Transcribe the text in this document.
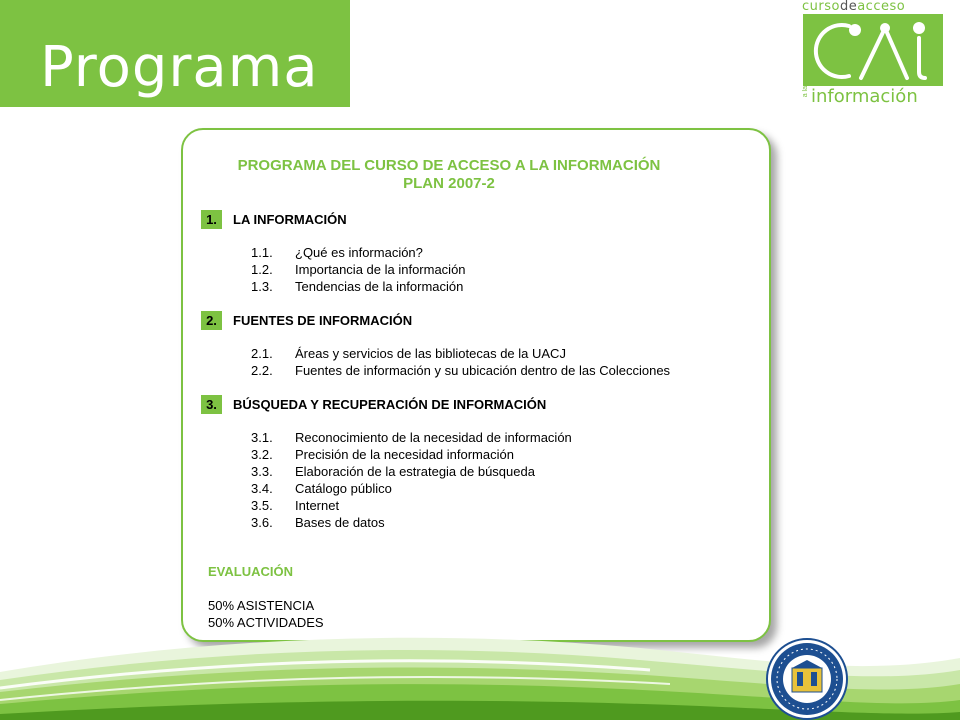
Programa
cursodeacceso
a la información
PROGRAMA DEL CURSO DE ACCESO A LA INFORMACIÓN
PLAN 2007-2
1.	LA INFORMACIÓN
1.1. ¿Qué es información?
1.2. Importancia de la información
1.3. Tendencias de la información
2.	FUENTES DE INFORMACIÓN
2.1. Áreas y servicios de las bibliotecas de la UACJ
2.2. Fuentes de información y su ubicación dentro de las Colecciones
3.	BÚSQUEDA Y RECUPERACIÓN DE INFORMACIÓN
3.1. Reconocimiento de la necesidad de información
3.2. Precisión de la necesidad información
3.3. Elaboración de la estrategia de búsqueda
3.4. Catálogo público
3.5. Internet
3.6. Bases de datos
EVALUACIÓN
50% ASISTENCIA
50% ACTIVIDADES
